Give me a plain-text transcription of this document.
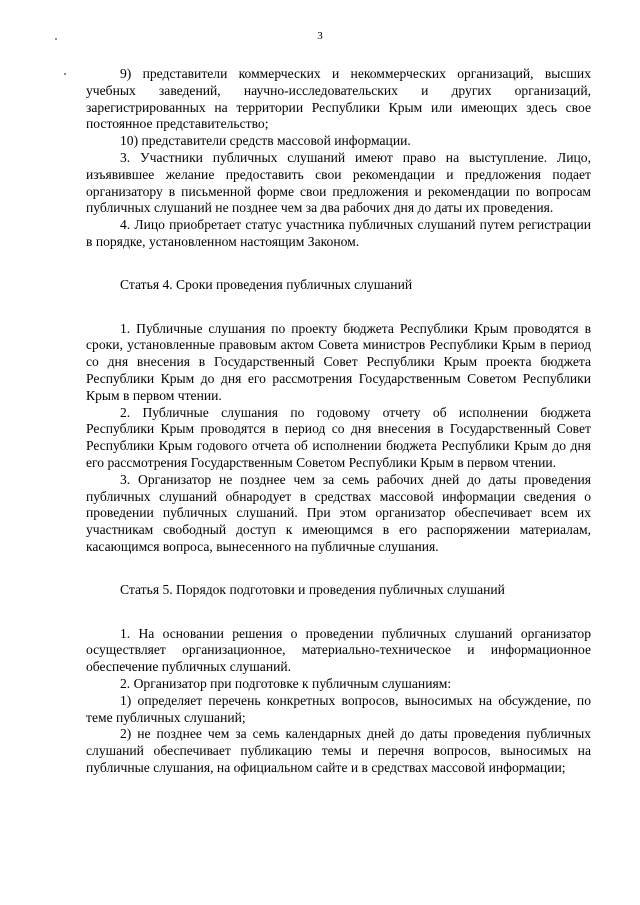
3

9) представители коммерческих и некоммерческих организаций, высших учебных заведений, научно-исследовательских и других организаций, зарегистрированных на территории Республики Крым или имеющих здесь свое постоянное представительство;

10) представители средств массовой информации.

3. Участники публичных слушаний имеют право на выступление. Лицо, изъявившее желание предоставить свои рекомендации и предложения подает организатору в письменной форме свои предложения и рекомендации по вопросам публичных слушаний не позднее чем за два рабочих дня до даты их проведения.

4. Лицо приобретает статус участника публичных слушаний путем регистрации в порядке, установленном настоящим Законом.

Статья 4. Сроки проведения публичных слушаний

1. Публичные слушания по проекту бюджета Республики Крым проводятся в сроки, установленные правовым актом Совета министров Республики Крым в период со дня внесения в Государственный Совет Республики Крым проекта бюджета Республики Крым до дня его рассмотрения Государственным Советом Республики Крым в первом чтении.

2. Публичные слушания по годовому отчету об исполнении бюджета Республики Крым проводятся в период со дня внесения в Государственный Совет Республики Крым годового отчета об исполнении бюджета Республики Крым до дня его рассмотрения Государственным Советом Республики Крым в первом чтении.

3. Организатор не позднее чем за семь рабочих дней до даты проведения публичных слушаний обнародует в средствах массовой информации сведения о проведении публичных слушаний. При этом организатор обеспечивает всем их участникам свободный доступ к имеющимся в его распоряжении материалам, касающимся вопроса, вынесенного на публичные слушания.

Статья 5. Порядок подготовки и проведения публичных слушаний

1. На основании решения о проведении публичных слушаний организатор осуществляет организационное, материально-техническое и информационное обеспечение публичных слушаний.

2. Организатор при подготовке к публичным слушаниям:

1) определяет перечень конкретных вопросов, выносимых на обсуждение, по теме публичных слушаний;

2) не позднее чем за семь календарных дней до даты проведения публичных слушаний обеспечивает публикацию темы и перечня вопросов, выносимых на публичные слушания, на официальном сайте и в средствах массовой информации;
